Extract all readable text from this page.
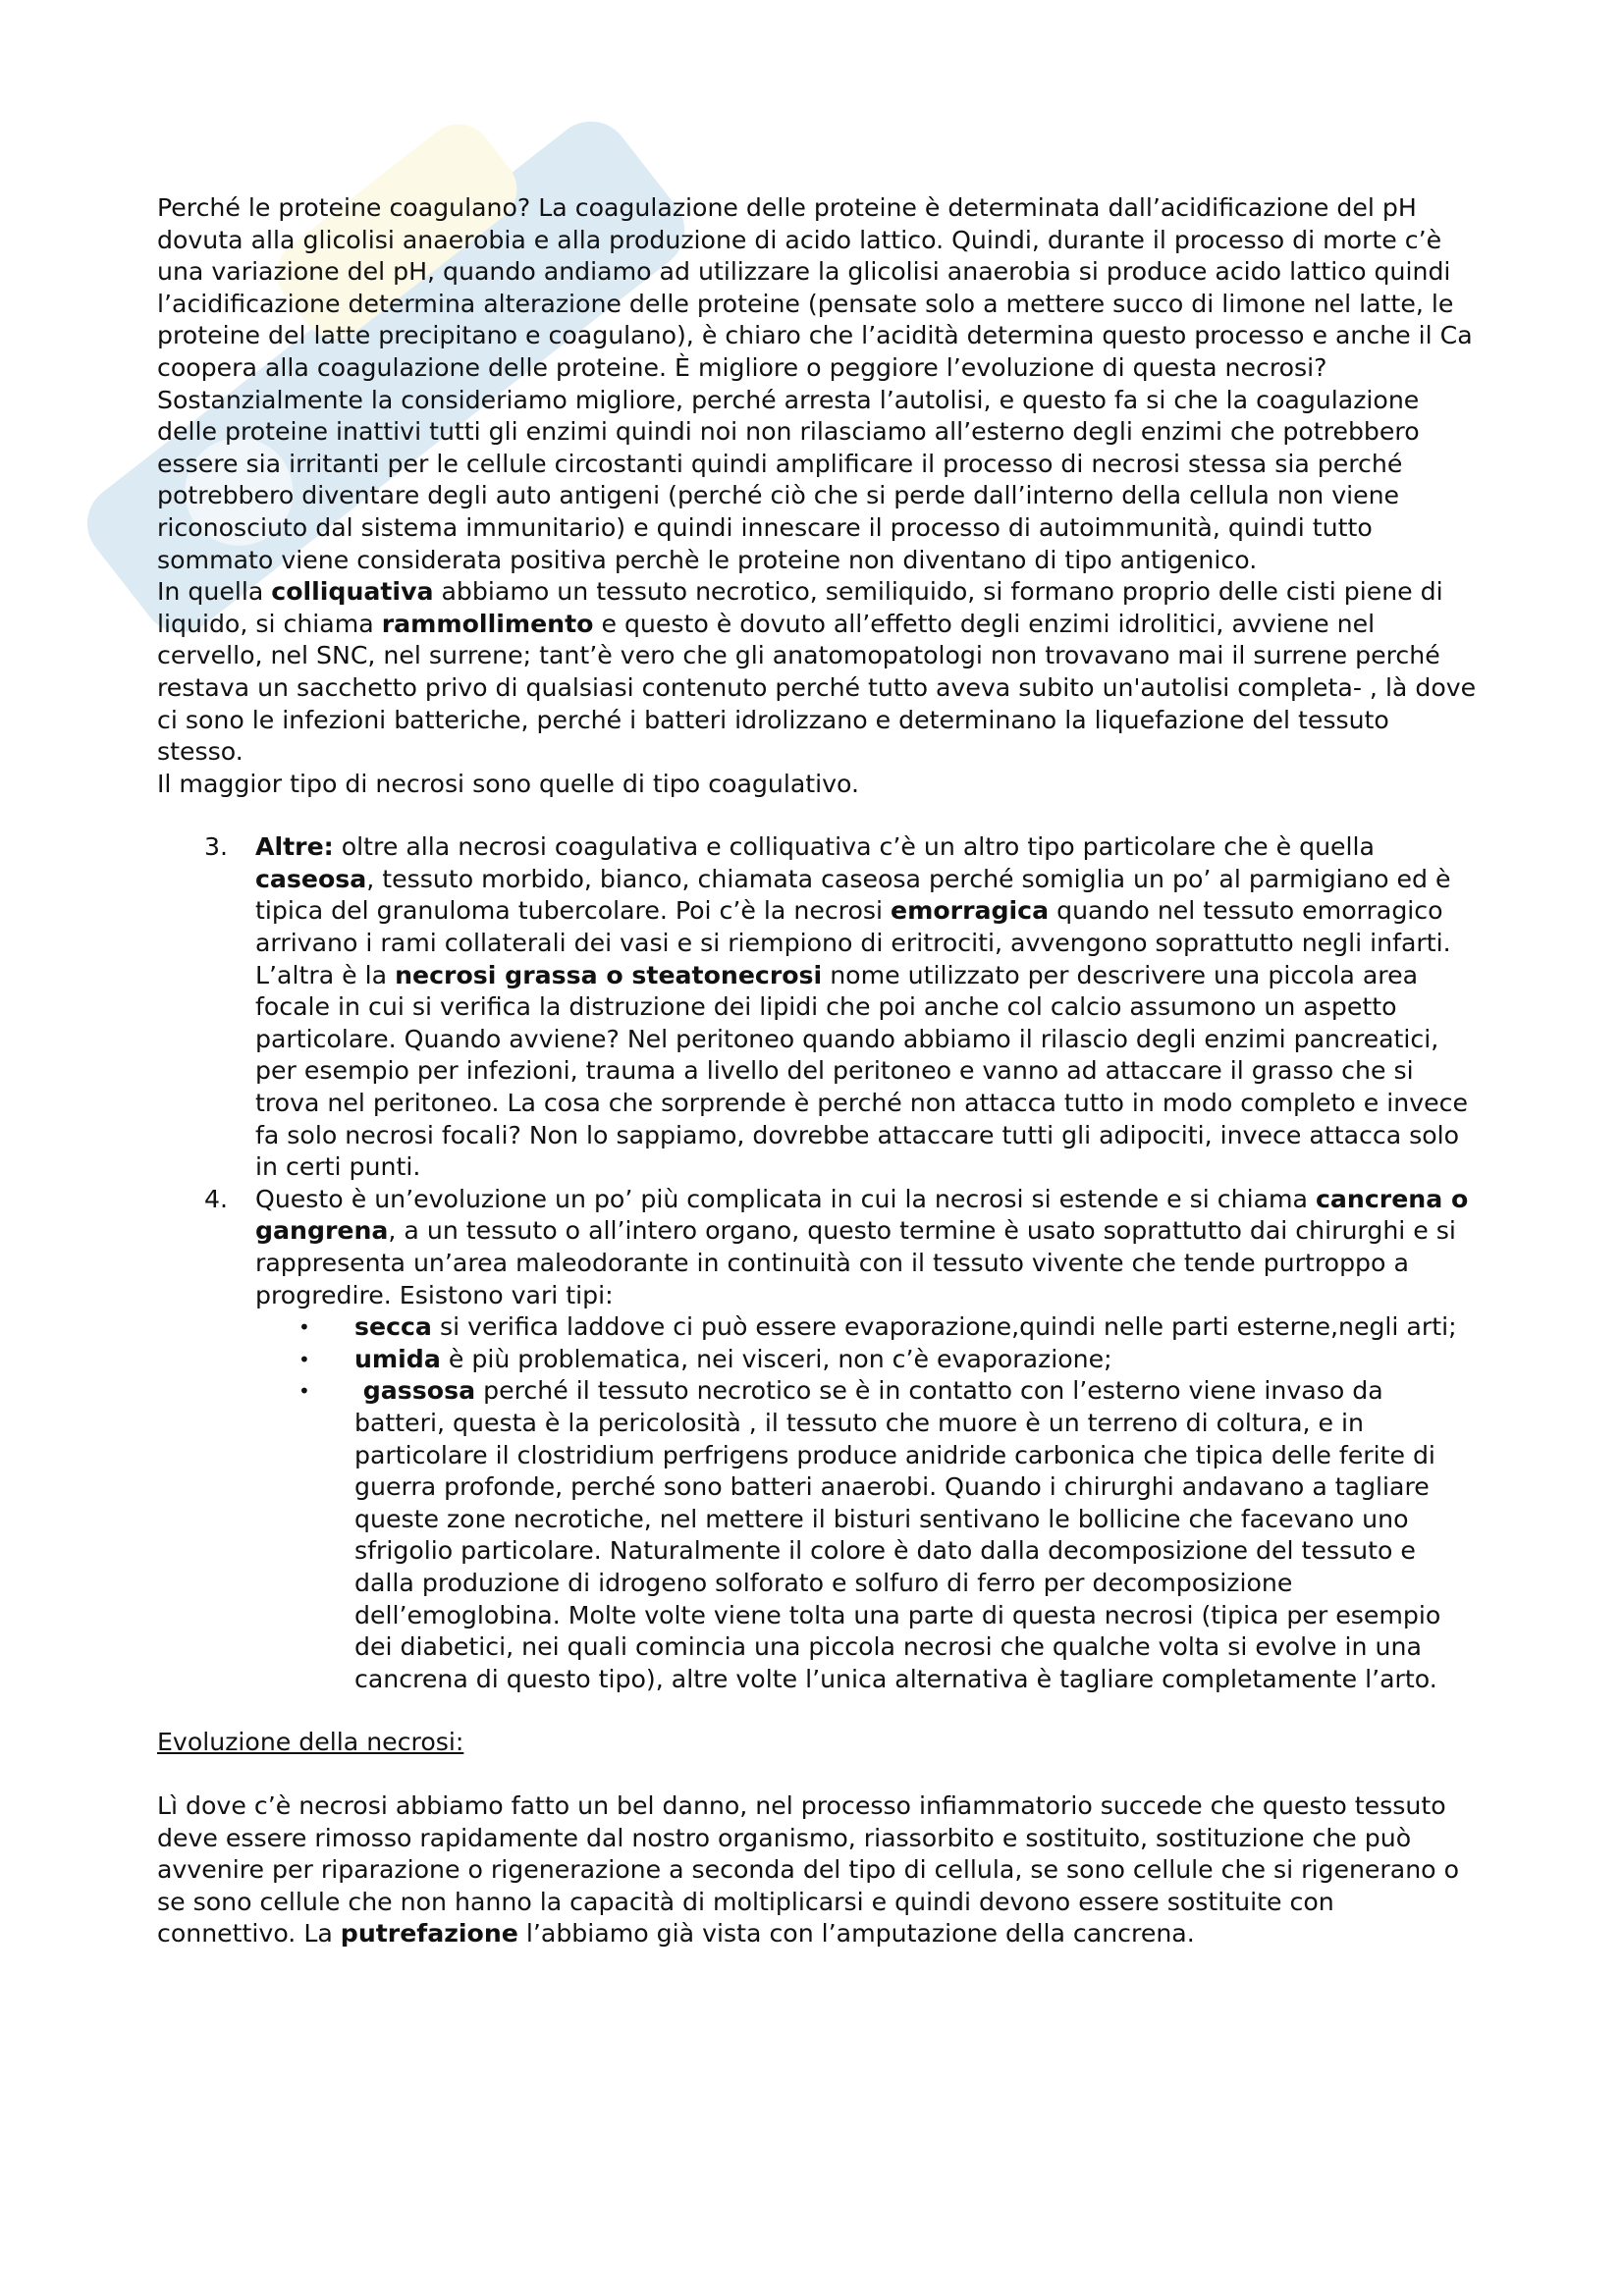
Perché le proteine coagulano? La coagulazione delle proteine è determinata dall’acidificazione del pH dovuta alla glicolisi anaerobia e alla produzione di acido lattico. Quindi, durante il processo di morte c’è una variazione del pH, quando andiamo ad utilizzare la glicolisi anaerobia si produce acido lattico quindi l’acidificazione determina alterazione delle proteine (pensate solo a mettere succo di limone nel latte, le proteine del latte precipitano e coagulano), è chiaro che l’acidità determina questo processo e anche il Ca coopera alla coagulazione delle proteine. È migliore o peggiore l’evoluzione di questa necrosi? Sostanzialmente la consideriamo migliore, perché arresta l’autolisi, e questo fa si che la coagulazione delle proteine inattivi tutti gli enzimi quindi noi non rilasciamo all’esterno degli enzimi che potrebbero essere sia irritanti per le cellule circostanti quindi amplificare il processo di necrosi stessa sia perché potrebbero diventare degli auto antigeni (perché ciò che si perde dall’interno della cellula non viene riconosciuto dal sistema immunitario) e quindi innescare il processo di autoimmunità, quindi tutto sommato viene considerata positiva perchè le proteine non diventano di tipo antigenico.

In quella colliquativa abbiamo un tessuto necrotico, semiliquido, si formano proprio delle cisti piene di liquido, si chiama rammollimento e questo è dovuto all’effetto degli enzimi idrolitici, avviene nel cervello, nel SNC, nel surrene; tant’è vero che gli anatomopatologi non trovavano mai il surrene perché restava un sacchetto privo di qualsiasi contenuto perché tutto aveva subito un'autolisi completa- , là dove ci sono le infezioni batteriche, perché i batteri idrolizzano e determinano la liquefazione del tessuto stesso.

Il maggior tipo di necrosi sono quelle di tipo coagulativo.

3. Altre: oltre alla necrosi coagulativa e colliquativa c’è un altro tipo particolare che è quella caseosa, tessuto morbido, bianco, chiamata caseosa perché somiglia un po’ al parmigiano ed è tipica del granuloma tubercolare. Poi c’è la necrosi emorragica quando nel tessuto emorragico arrivano i rami collaterali dei vasi e si riempiono di eritrociti, avvengono soprattutto negli infarti. L’altra è la necrosi grassa o steatonecrosi nome utilizzato per descrivere una piccola area focale in cui si verifica la distruzione dei lipidi che poi anche col calcio assumono un aspetto particolare. Quando avviene? Nel peritoneo quando abbiamo il rilascio degli enzimi pancreatici, per esempio per infezioni, trauma a livello del peritoneo e vanno ad attaccare il grasso che si trova nel peritoneo. La cosa che sorprende è perché non attacca tutto in modo completo e invece fa solo necrosi focali? Non lo sappiamo, dovrebbe attaccare tutti gli adipociti, invece attacca solo in certi punti.
4. Questo è un’evoluzione un po’ più complicata in cui la necrosi si estende e si chiama cancrena o gangrena, a un tessuto o all’intero organo, questo termine è usato soprattutto dai chirurghi e si rappresenta un’area maleodorante in continuità con il tessuto vivente che tende purtroppo a progredire. Esistono vari tipi:
• secca si verifica laddove ci può essere evaporazione,quindi nelle parti esterne,negli arti;
• umida è più problematica, nei visceri, non c’è evaporazione;
• gassosa perché il tessuto necrotico se è in contatto con l’esterno viene invaso da batteri, questa è la pericolosità , il tessuto che muore è un terreno di coltura, e in particolare il clostridium perfrigens produce anidride carbonica che tipica delle ferite di guerra profonde, perché sono batteri anaerobi. Quando i chirurghi andavano a tagliare queste zone necrotiche, nel mettere il bisturi sentivano le bollicine che facevano uno sfrigolio particolare. Naturalmente il colore è dato dalla decomposizione del tessuto e dalla produzione di idrogeno solforato e solfuro di ferro per decomposizione dell’emoglobina. Molte volte viene tolta una parte di questa necrosi (tipica per esempio dei diabetici, nei quali comincia una piccola necrosi che qualche volta si evolve in una cancrena di questo tipo), altre volte l’unica alternativa è tagliare completamente l’arto.

Evoluzione della necrosi:

Lì dove c’è necrosi abbiamo fatto un bel danno, nel processo infiammatorio succede che questo tessuto deve essere rimosso rapidamente dal nostro organismo, riassorbito e sostituito, sostituzione che può avvenire per riparazione o rigenerazione a seconda del tipo di cellula, se sono cellule che si rigenerano o se sono cellule che non hanno la capacità di moltiplicarsi e quindi devono essere sostituite con connettivo. La putrefazione l’abbiamo già vista con l’amputazione della cancrena.
